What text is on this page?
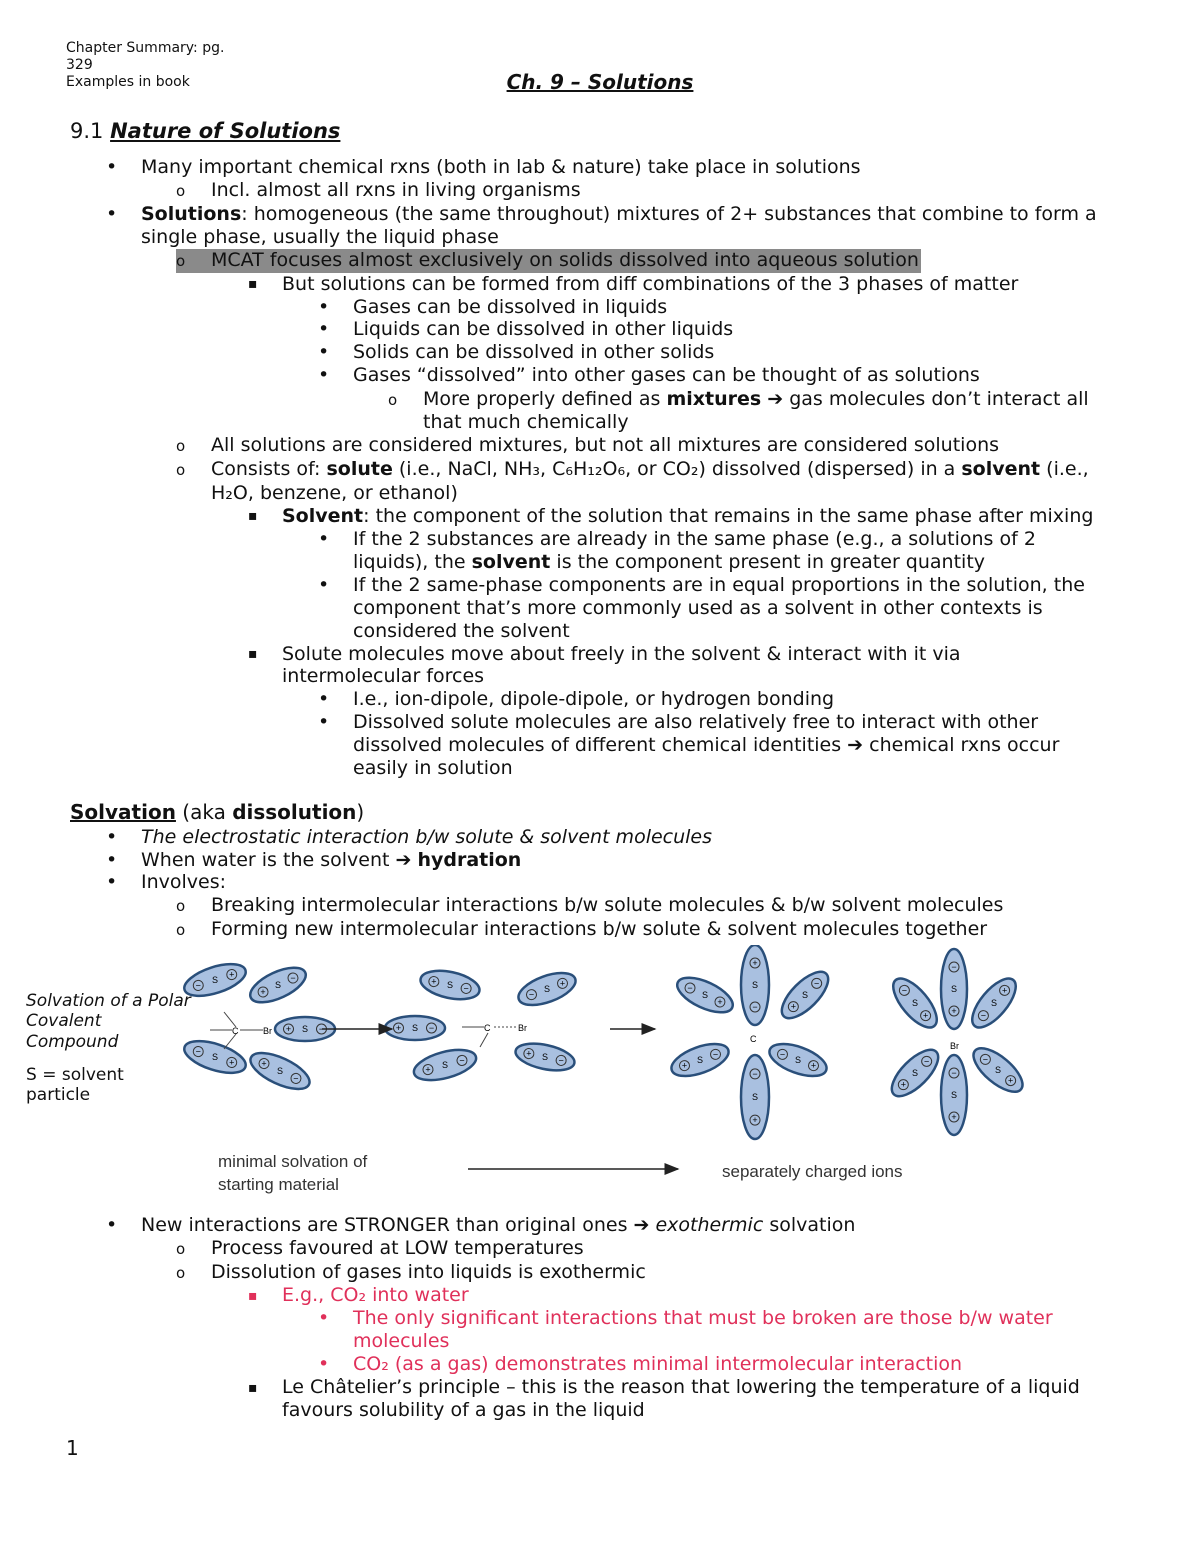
Chapter Summary: pg.
329
Examples in book	Ch. 9 – Solutions
9.1 Nature of Solutions
• Many important chemical rxns (both in lab & nature) take place in solutions
o Incl. almost all rxns in living organisms
• Solutions: homogeneous (the same throughout) mixtures of 2+ substances that combine to form a
single phase, usually the liquid phase
o MCAT focuses almost exclusively on solids dissolved into aqueous solution
▪ But solutions can be formed from diff combinations of the 3 phases of matter
• Gases can be dissolved in liquids
• Liquids can be dissolved in other liquids
• Solids can be dissolved in other solids
• Gases “dissolved” into other gases can be thought of as solutions
o More properly defined as mixtures ➔ gas molecules don’t interact all
that much chemically
o All solutions are considered mixtures, but not all mixtures are considered solutions
o Consists of: solute (i.e., NaCl, NH₃, C₆H₁₂O₆, or CO₂) dissolved (dispersed) in a solvent (i.e.,
H₂O, benzene, or ethanol)
▪ Solvent: the component of the solution that remains in the same phase after mixing
• If the 2 substances are already in the same phase (e.g., a solutions of 2
liquids), the solvent is the component present in greater quantity
• If the 2 same-phase components are in equal proportions in the solution, the
component that’s more commonly used as a solvent in other contexts is
considered the solvent
▪ Solute molecules move about freely in the solvent & interact with it via
intermolecular forces
• I.e., ion-dipole, dipole-dipole, or hydrogen bonding
• Dissolved solute molecules are also relatively free to interact with other
dissolved molecules of different chemical identities ➔ chemical rxns occur
easily in solution
Solvation (aka dissolution)
• The electrostatic interaction b/w solute & solvent molecules
• When water is the solvent ➔ hydration
• Involves:
o Breaking intermolecular interactions b/w solute molecules & b/w solvent molecules
o Forming new intermolecular interactions b/w solute & solvent molecules together
Solvation of a Polar
Covalent
Compound
S = solvent
particle
−
S
+
+
S
−
+ S −
−
S
+	+
S
−
+ S −
+ S −
−
S
+
+ S −
+ S −
−
S
+
+
S
−	+
S
−
+
S
−
−
S
+
−
S
+
−
S
+
−
S
+	−
S
+
+
S
−
−
S
+
−
S
+
C	Br	C	Br
C
Br
minimal solvation of
starting material
separately charged ions
• New interactions are STRONGER than original ones ➔ exothermic solvation
o Process favoured at LOW temperatures
o Dissolution of gases into liquids is exothermic
▪ E.g., CO₂ into water
• The only significant interactions that must be broken are those b/w water
molecules
• CO₂ (as a gas) demonstrates minimal intermolecular interaction
▪ Le Châtelier’s principle – this is the reason that lowering the temperature of a liquid
favours solubility of a gas in the liquid
1
